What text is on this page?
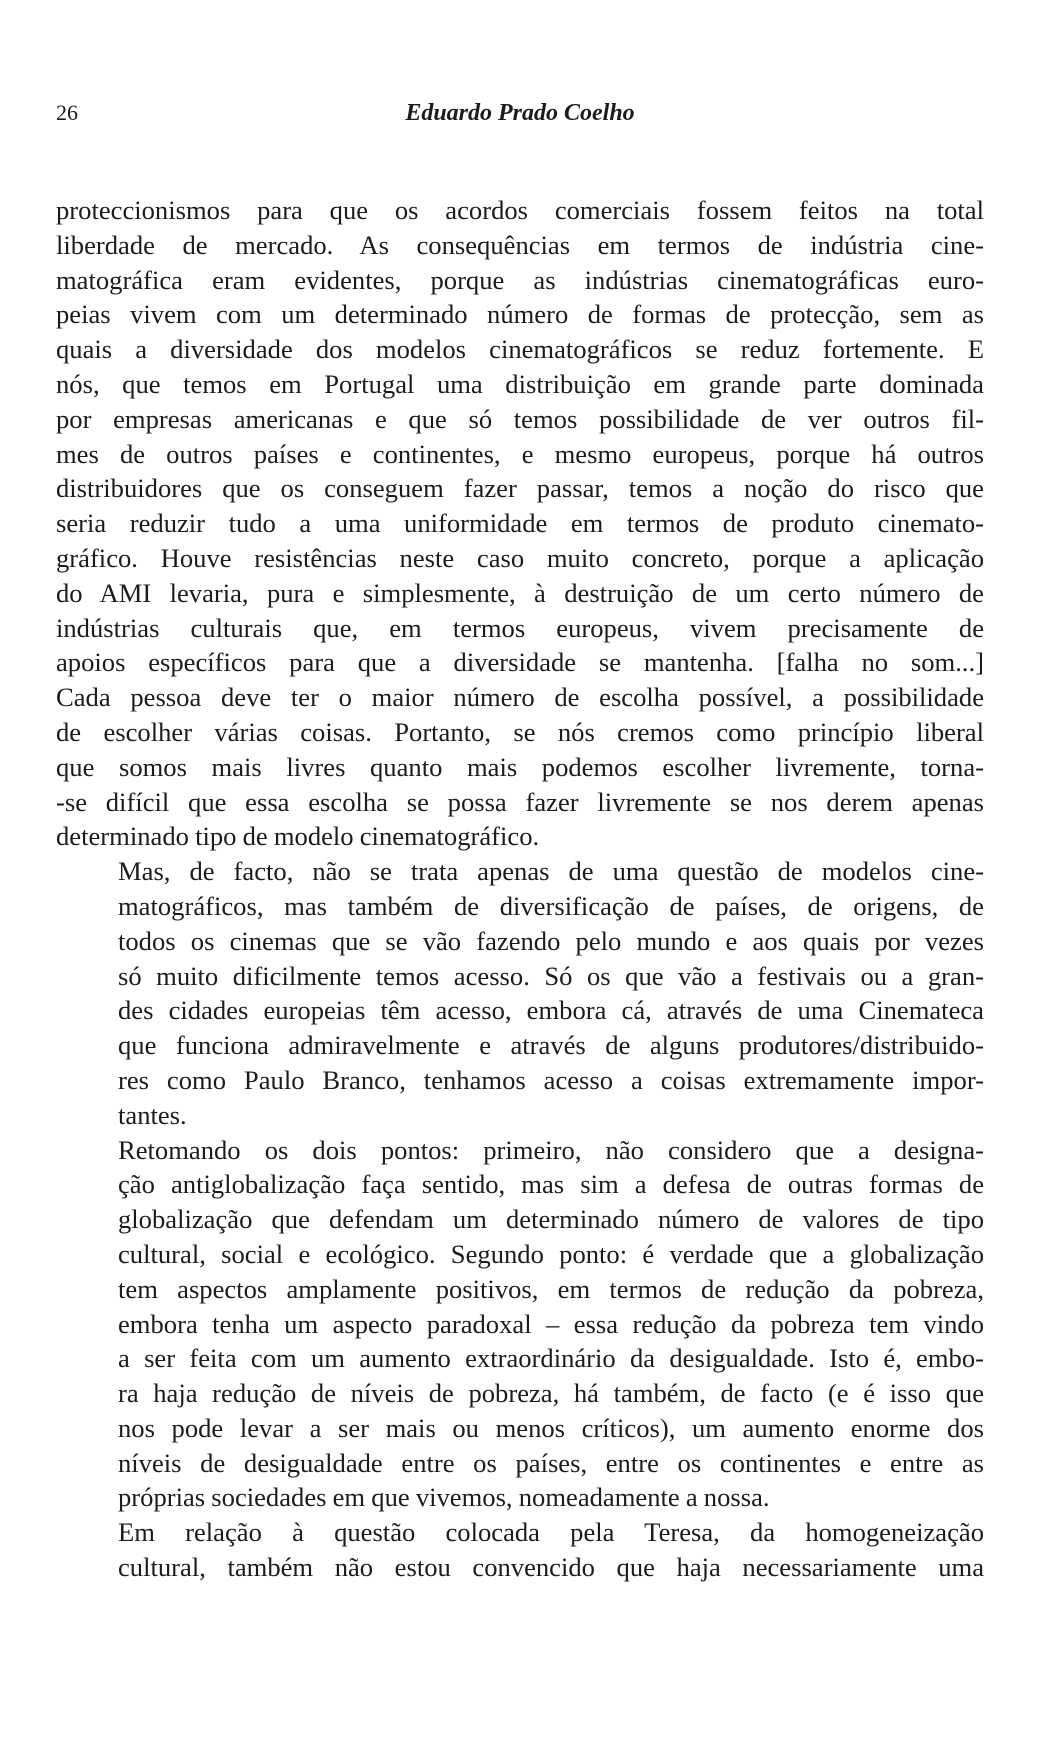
26	Eduardo Prado Coelho

proteccionismos para que os acordos comerciais fossem feitos na total
liberdade de mercado. As consequências em termos de indústria cine-
matográfica eram evidentes, porque as indústrias cinematográficas euro-
peias vivem com um determinado número de formas de protecção, sem as
quais a diversidade dos modelos cinematográficos se reduz fortemente. E
nós, que temos em Portugal uma distribuição em grande parte dominada
por empresas americanas e que só temos possibilidade de ver outros fil-
mes de outros países e continentes, e mesmo europeus, porque há outros
distribuidores que os conseguem fazer passar, temos a noção do risco que
seria reduzir tudo a uma uniformidade em termos de produto cinemato-
gráfico. Houve resistências neste caso muito concreto, porque a aplicação
do AMI levaria, pura e simplesmente, à destruição de um certo número de
indústrias culturais que, em termos europeus, vivem precisamente de
apoios específicos para que a diversidade se mantenha. [falha no som...]
Cada pessoa deve ter o maior número de escolha possível, a possibilidade
de escolher várias coisas. Portanto, se nós cremos como princípio liberal
que somos mais livres quanto mais podemos escolher livremente, torna-
-se difícil que essa escolha se possa fazer livremente se nos derem apenas
determinado tipo de modelo cinematográfico.

Mas, de facto, não se trata apenas de uma questão de modelos cine-
matográficos, mas também de diversificação de países, de origens, de
todos os cinemas que se vão fazendo pelo mundo e aos quais por vezes
só muito dificilmente temos acesso. Só os que vão a festivais ou a gran-
des cidades europeias têm acesso, embora cá, através de uma Cinemateca
que funciona admiravelmente e através de alguns produtores/distribuido-
res como Paulo Branco, tenhamos acesso a coisas extremamente impor-
tantes.

Retomando os dois pontos: primeiro, não considero que a designa-
ção antiglobalização faça sentido, mas sim a defesa de outras formas de
globalização que defendam um determinado número de valores de tipo
cultural, social e ecológico. Segundo ponto: é verdade que a globalização
tem aspectos amplamente positivos, em termos de redução da pobreza,
embora tenha um aspecto paradoxal – essa redução da pobreza tem vindo
a ser feita com um aumento extraordinário da desigualdade. Isto é, embo-
ra haja redução de níveis de pobreza, há também, de facto (e é isso que
nos pode levar a ser mais ou menos críticos), um aumento enorme dos
níveis de desigualdade entre os países, entre os continentes e entre as
próprias sociedades em que vivemos, nomeadamente a nossa.

Em relação à questão colocada pela Teresa, da homogeneização
cultural, também não estou convencido que haja necessariamente uma
